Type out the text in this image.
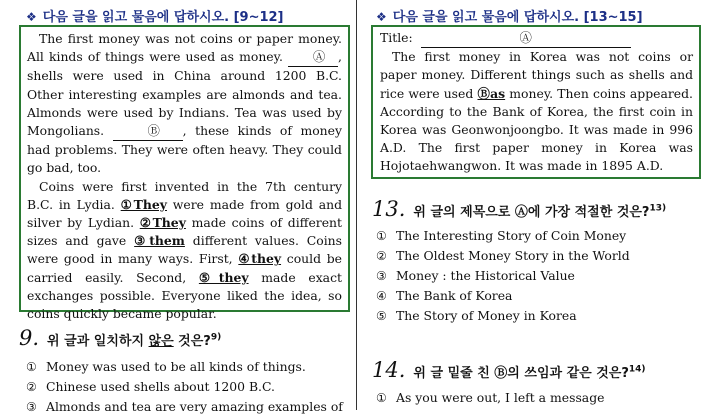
❖ 다음 글을 읽고 물음에 답하시오. [9~12]

The first money was not coins or paper money. All kinds of things were used as money. Ⓐ , shells were used in China around 1200 B.C. Other interesting examples are almonds and tea. Almonds were used by Indians. Tea was used by Mongolians.	Ⓑ , these kinds of money had problems. They were often heavy. They could go bad, too.

Coins were first invented in the 7th century B.C. in Lydia. ①They were made from gold and silver by Lydian. ②They made coins of different sizes and gave ③them different values. Coins were good in many ways. First, ④they could be carried easily. Second, ⑤they made exact exchanges possible. Everyone liked the idea, so coins quickly became popular.

9. 위 글과 일치하지 않은 것은?$^{9)}$
① Money was used to be all kinds of things.
② Chinese used shells about 1200 B.C.
③ Almonds and tea are very amazing examples of
❖ 다음 글을 읽고 물음에 답하시오. [13~15]

Title:	Ⓐ

The first money in Korea was not coins or paper money. Different things such as shells and rice were used Ⓑas money. Then coins appeared. According to the Bank of Korea, the first coin in Korea was Geonwonjoongbo. It was made in 996 A.D. The first paper money in Korea was Hojotaehwangwon. It was made in 1895 A.D.

13. 위 글의 제목으로 Ⓐ에 가장 적절한 것은?$^{13)}$
① The Interesting Story of Coin Money
② The Oldest Money Story in the World
③ Money : the Historical Value
④ The Bank of Korea
⑤ The Story of Money in Korea
14. 위 글 밑줄 친 Ⓑ의 쓰임과 같은 것은?$^{14)}$
① As you were out, I left a message
